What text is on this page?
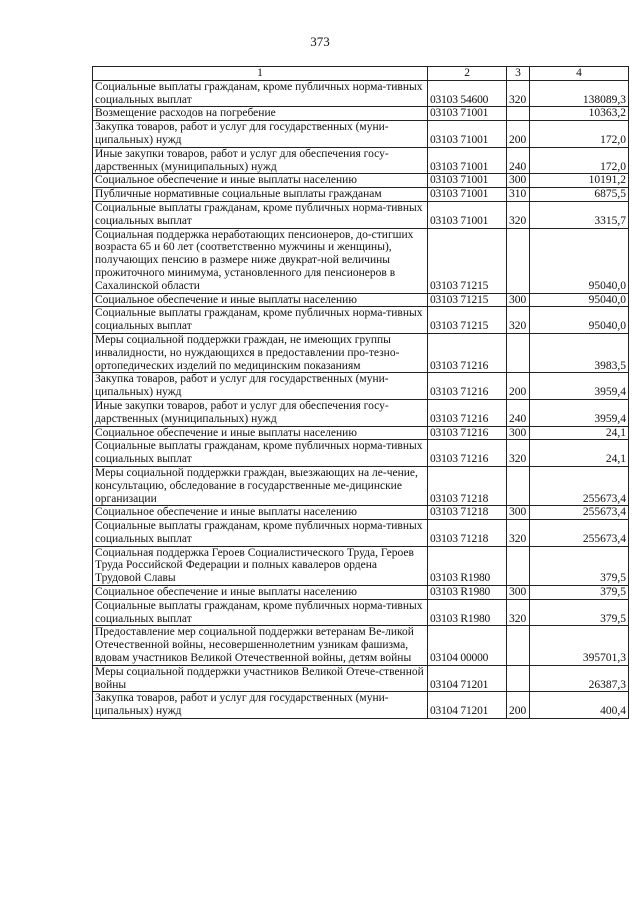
373
1	2	3	4
Социальные выплаты гражданам, кроме публичных норма-тивных социальных выплат	03103 54600	320	138089,3
Возмещение расходов на погребение	03103 71001		10363,2
Закупка товаров, работ и услуг для государственных (муни-ципальных) нужд	03103 71001	200	172,0
Иные закупки товаров, работ и услуг для обеспечения госу-дарственных (муниципальных) нужд	03103 71001	240	172,0
Социальное обеспечение и иные выплаты населению	03103 71001	300	10191,2
Публичные нормативные социальные выплаты гражданам	03103 71001	310	6875,5
Социальные выплаты гражданам, кроме публичных норма-тивных социальных выплат	03103 71001	320	3315,7
Социальная поддержка неработающих пенсионеров, до-стигших возраста 65 и 60 лет (соответственно мужчины и женщины), получающих пенсию в размере ниже двукрат-ной величины прожиточного минимума, установленного для пенсионеров в Сахалинской области	03103 71215		95040,0
Социальное обеспечение и иные выплаты населению	03103 71215	300	95040,0
Социальные выплаты гражданам, кроме публичных норма-тивных социальных выплат	03103 71215	320	95040,0
Меры социальной поддержки граждан, не имеющих группы инвалидности, но нуждающихся в предоставлении про-тезно-ортопедических изделий по медицинским показаниям	03103 71216		3983,5
Закупка товаров, работ и услуг для государственных (муни-ципальных) нужд	03103 71216	200	3959,4
Иные закупки товаров, работ и услуг для обеспечения госу-дарственных (муниципальных) нужд	03103 71216	240	3959,4
Социальное обеспечение и иные выплаты населению	03103 71216	300	24,1
Социальные выплаты гражданам, кроме публичных норма-тивных социальных выплат	03103 71216	320	24,1
Меры социальной поддержки граждан, выезжающих на ле-чение, консультацию, обследование в государственные ме-дицинские организации	03103 71218		255673,4
Социальное обеспечение и иные выплаты населению	03103 71218	300	255673,4
Социальные выплаты гражданам, кроме публичных норма-тивных социальных выплат	03103 71218	320	255673,4
Социальная поддержка Героев Социалистического Труда, Героев Труда Российской Федерации и полных кавалеров ордена Трудовой Славы	03103 R1980		379,5
Социальное обеспечение и иные выплаты населению	03103 R1980	300	379,5
Социальные выплаты гражданам, кроме публичных норма-тивных социальных выплат	03103 R1980	320	379,5
Предоставление мер социальной поддержки ветеранам Ве-ликой Отечественной войны, несовершеннолетним узникам фашизма, вдовам участников Великой Отечественной войны, детям войны	03104 00000		395701,3
Меры социальной поддержки участников Великой Отече-ственной войны	03104 71201		26387,3
Закупка товаров, работ и услуг для государственных (муни-ципальных) нужд	03104 71201	200	400,4
